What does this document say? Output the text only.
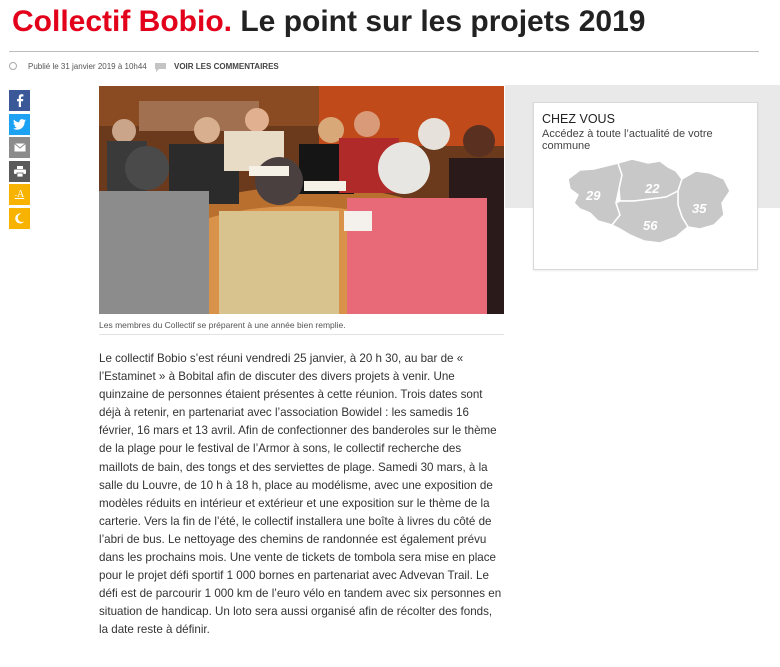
Collectif Bobio. Le point sur les projets 2019
Publié le 31 janvier 2019 à 10h44	VOIR LES COMMENTAIRES
-A

Les membres du Collectif se préparent à une année bien remplie.

Le collectif Bobio s’est réuni vendredi 25 janvier, à 20 h 30, au bar de « l’Estaminet » à Bobital afin de discuter des divers projets à venir. Une quinzaine de personnes étaient présentes à cette réunion. Trois dates sont déjà à retenir, en partenariat avec l’association Bowidel : les samedis 16 février, 16 mars et 13 avril. Afin de confectionner des banderoles sur le thème de la plage pour le festival de l’Armor à sons, le collectif recherche des maillots de bain, des tongs et des serviettes de plage. Samedi 30 mars, à la salle du Louvre, de 10 h à 18 h, place au modélisme, avec une exposition de modèles réduits en intérieur et extérieur et une exposition sur le thème de la carterie. Vers la fin de l’été, le collectif installera une boîte à livres du côté de l’abri de bus. Le nettoyage des chemins de randonnée est également prévu dans les prochains mois. Une vente de tickets de tombola sera mise en place pour le projet défi sportif 1 000 bornes en partenariat avec Advevan Trail. Le défi est de parcourir 1 000 km de l’euro vélo en tandem avec six personnes en situation de handicap. Un loto sera aussi organisé afin de récolter des fonds, la date reste à définir.

CHEZ VOUS

Accédez à toute l’actualité de votre commune

29	22
56
35
